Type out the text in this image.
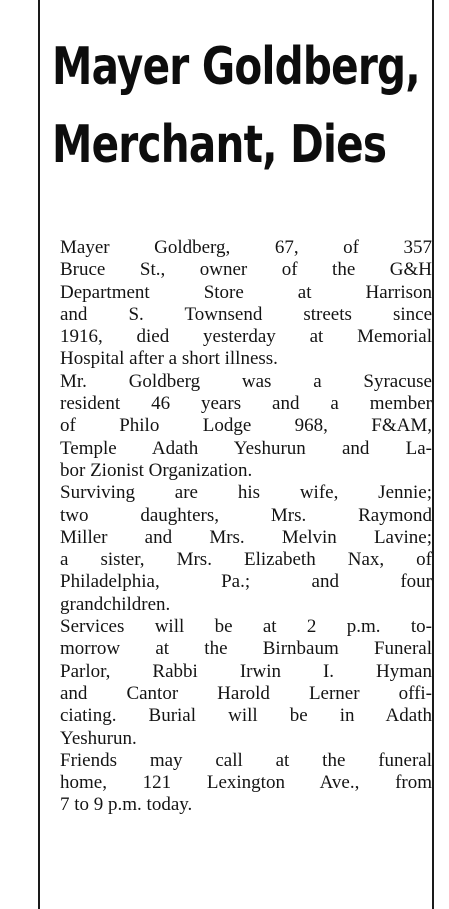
Mayer Goldberg,
Merchant, Dies

Mayer Goldberg, 67, of 357
Bruce St., owner of the G&H
Department Store at Harrison
and S. Townsend streets since
1916, died yesterday at Memorial
Hospital after a short illness.

Mr. Goldberg was a Syracuse
resident 46 years and a member
of Philo Lodge 968, F&AM,
Temple Adath Yeshurun and La-
bor Zionist Organization.

Surviving are his wife, Jennie;
two daughters, Mrs. Raymond
Miller and Mrs. Melvin Lavine;
a sister, Mrs. Elizabeth Nax, of
Philadelphia, Pa.; and four
grandchildren.

Services will be at 2 p.m. to-
morrow at the Birnbaum Funeral
Parlor, Rabbi Irwin I. Hyman
and Cantor Harold Lerner offi-
ciating. Burial will be in Adath
Yeshurun.

Friends may call at the funeral
home, 121 Lexington Ave., from
7 to 9 p.m. today.
